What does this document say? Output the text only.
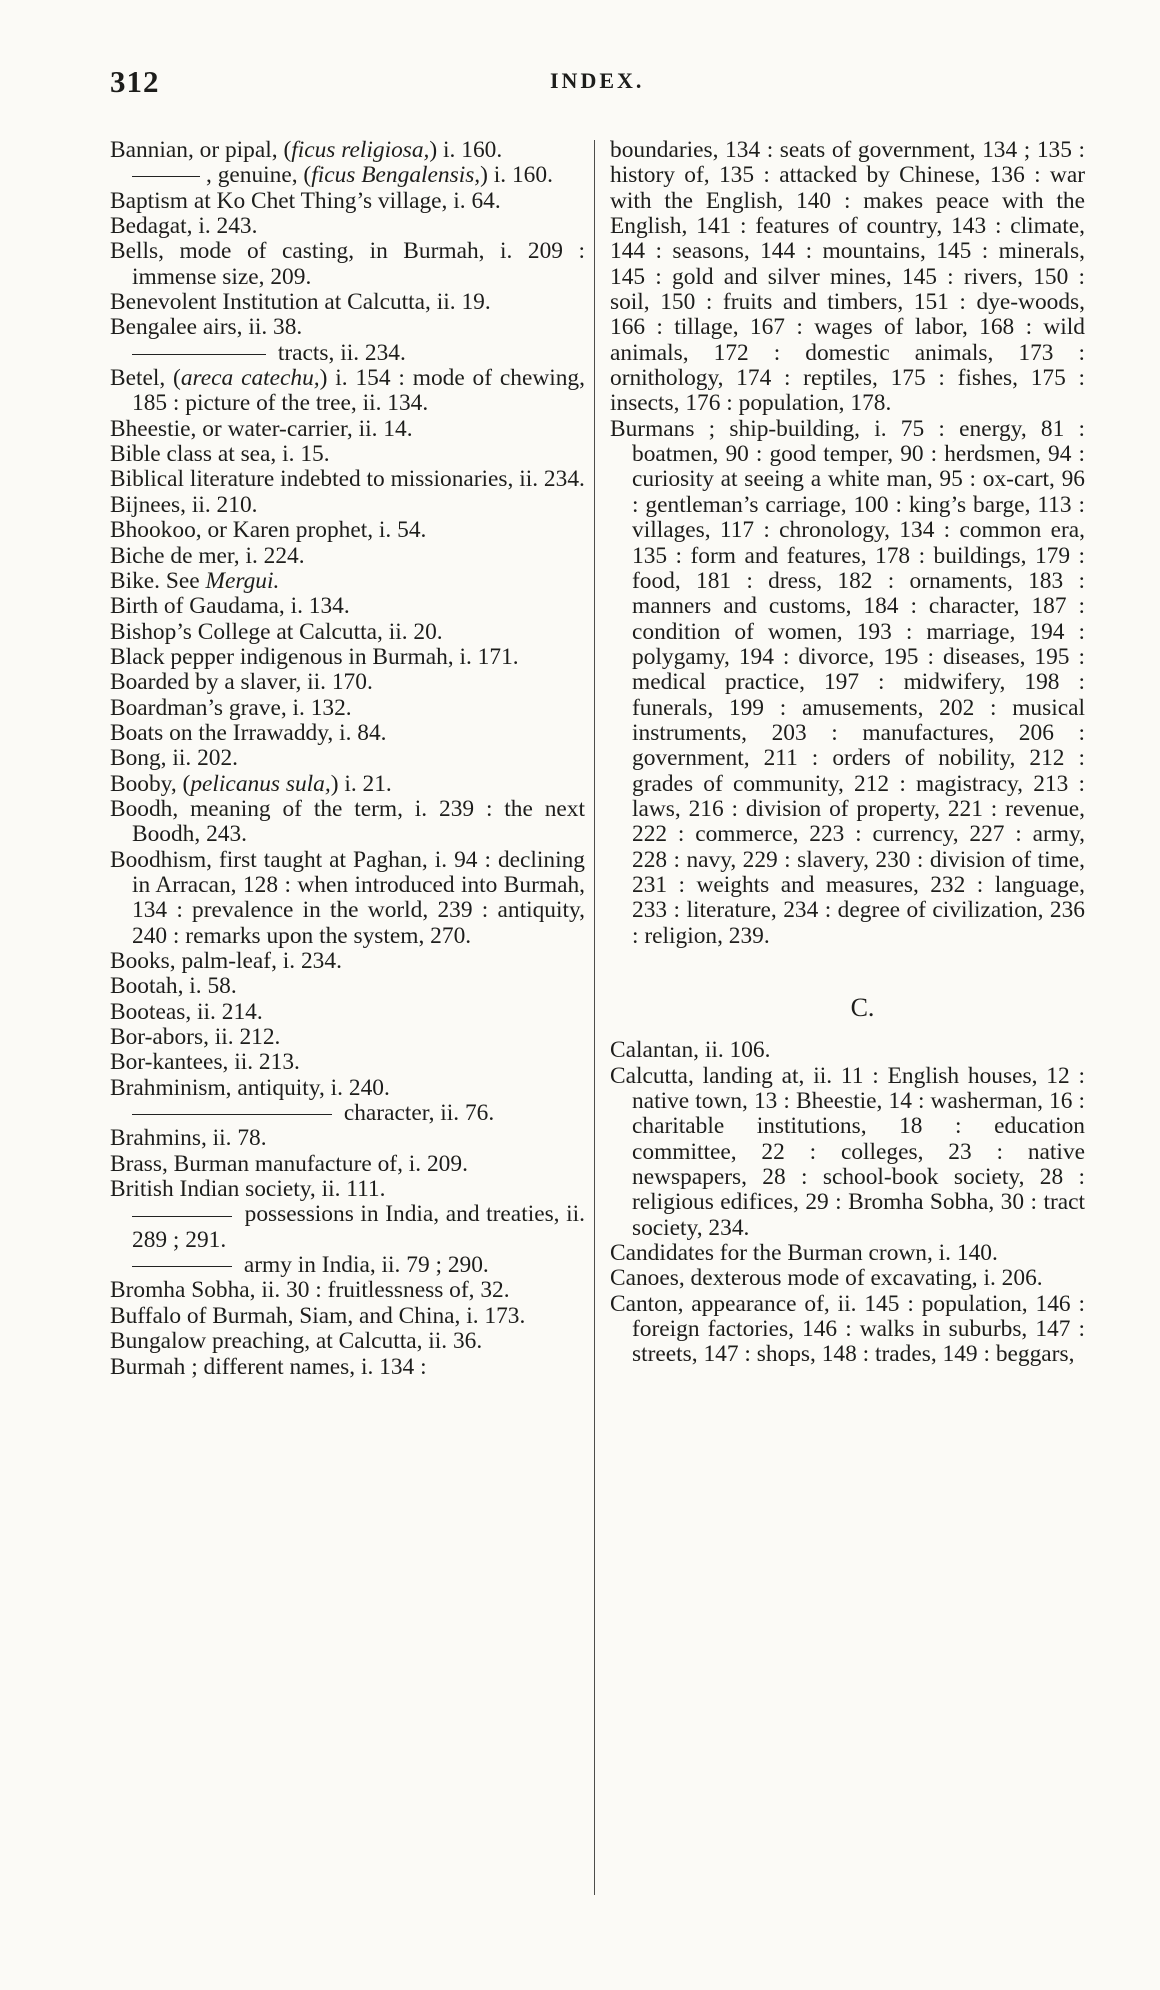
312	INDEX.
Bannian, or pipal, (ficus religiosa,) i. 160.
, genuine, (ficus Bengalensis,) i. 160.
Baptism at Ko Chet Thing’s village, i. 64.
Bedagat, i. 243.
Bells, mode of casting, in Burmah, i. 209 : immense size, 209.
Benevolent Institution at Calcutta, ii. 19.
Bengalee airs, ii. 38.
tracts, ii. 234.
Betel, (areca catechu,) i. 154 : mode of chewing, 185 : picture of the tree, ii. 134.
Bheestie, or water-carrier, ii. 14.
Bible class at sea, i. 15.
Biblical literature indebted to missionaries, ii. 234.
Bijnees, ii. 210.
Bhookoo, or Karen prophet, i. 54.
Biche de mer, i. 224.
Bike. See Mergui.
Birth of Gaudama, i. 134.
Bishop’s College at Calcutta, ii. 20.
Black pepper indigenous in Burmah, i. 171.
Boarded by a slaver, ii. 170.
Boardman’s grave, i. 132.
Boats on the Irrawaddy, i. 84.
Bong, ii. 202.
Booby, (pelicanus sula,) i. 21.
Boodh, meaning of the term, i. 239 : the next Boodh, 243.
Boodhism, first taught at Paghan, i. 94 : declining in Arracan, 128 : when introduced into Burmah, 134 : prevalence in the world, 239 : antiquity, 240 : remarks upon the system, 270.
Books, palm-leaf, i. 234.
Bootah, i. 58.
Booteas, ii. 214.
Bor-abors, ii. 212.
Bor-kantees, ii. 213.
Brahminism, antiquity, i. 240.
character, ii. 76.
Brahmins, ii. 78.
Brass, Burman manufacture of, i. 209.
British Indian society, ii. 111.
possessions in India, and treaties, ii. 289 ; 291.
army in India, ii. 79 ; 290.
Bromha Sobha, ii. 30 : fruitlessness of, 32.
Buffalo of Burmah, Siam, and China, i. 173.
Bungalow preaching, at Calcutta, ii. 36.
Burmah ; different names, i. 134 :
boundaries, 134 : seats of government, 134 ; 135 : history of, 135 : attacked by Chinese, 136 : war with the English, 140 : makes peace with the English, 141 : features of country, 143 : climate, 144 : seasons, 144 : mountains, 145 : minerals, 145 : gold and silver mines, 145 : rivers, 150 : soil, 150 : fruits and timbers, 151 : dye-woods, 166 : tillage, 167 : wages of labor, 168 : wild animals, 172 : domestic animals, 173 : ornithology, 174 : reptiles, 175 : fishes, 175 : insects, 176 : population, 178.
Burmans ; ship-building, i. 75 : energy, 81 : boatmen, 90 : good temper, 90 : herdsmen, 94 : curiosity at seeing a white man, 95 : ox-cart, 96 : gentleman’s carriage, 100 : king’s barge, 113 : villages, 117 : chronology, 134 : common era, 135 : form and features, 178 : buildings, 179 : food, 181 : dress, 182 : ornaments, 183 : manners and customs, 184 : character, 187 : condition of women, 193 : marriage, 194 : polygamy, 194 : divorce, 195 : diseases, 195 : medical practice, 197 : midwifery, 198 : funerals, 199 : amusements, 202 : musical instruments, 203 : manufactures, 206 : government, 211 : orders of nobility, 212 : grades of community, 212 : magistracy, 213 : laws, 216 : division of property, 221 : revenue, 222 : commerce, 223 : currency, 227 : army, 228 : navy, 229 : slavery, 230 : division of time, 231 : weights and measures, 232 : language, 233 : literature, 234 : degree of civilization, 236 : religion, 239.
C.
Calantan, ii. 106.
Calcutta, landing at, ii. 11 : English houses, 12 : native town, 13 : Bheestie, 14 : washerman, 16 : charitable institutions, 18 : education committee, 22 : colleges, 23 : native newspapers, 28 : school-book society, 28 : religious edifices, 29 : Bromha Sobha, 30 : tract society, 234.
Candidates for the Burman crown, i. 140.
Canoes, dexterous mode of excavating, i. 206.
Canton, appearance of, ii. 145 : population, 146 : foreign factories, 146 : walks in suburbs, 147 : streets, 147 : shops, 148 : trades, 149 : beggars,
